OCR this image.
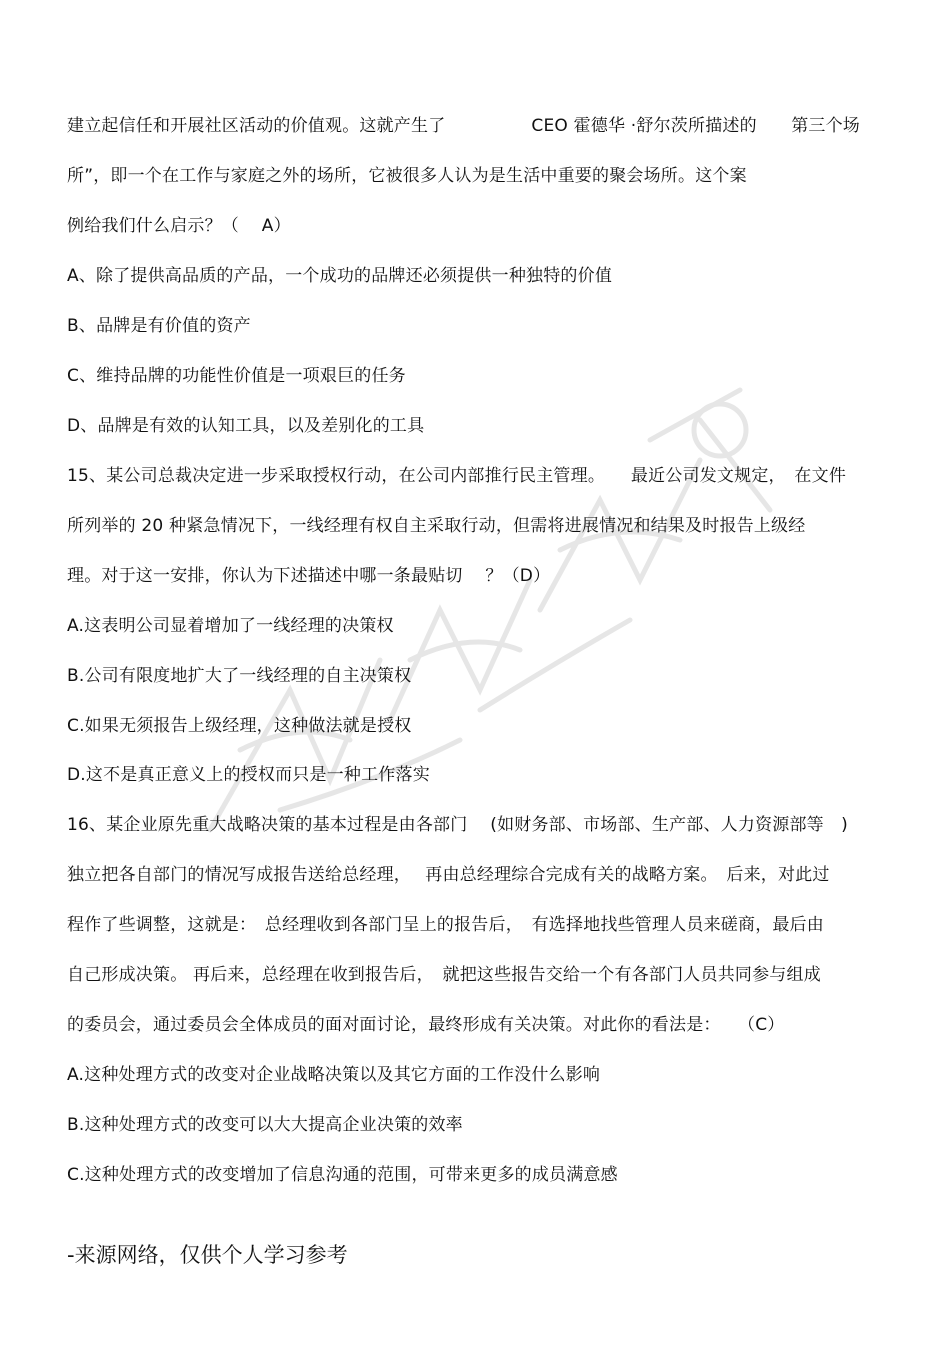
建立起信任和开展社区活动的价值观。这就产生了　　　　　CEO 霍德华 ·舒尔茨所描述的　　第三个场
所”，即一个在工作与家庭之外的场所，它被很多人认为是生活中重要的聚会场所。这个案
例给我们什么启示？（　 A）
A、除了提供高品质的产品，一个成功的品牌还必须提供一种独特的价值
B、品牌是有价值的资产
C、维持品牌的功能性价值是一项艰巨的任务
D、品牌是有效的认知工具，以及差别化的工具
15、某公司总裁决定进一步采取授权行动，在公司内部推行民主管理。　　最近公司发文规定，　在文件
所列举的 20 种紧急情况下，一线经理有权自主采取行动，但需将进展情况和结果及时报告上级经
理。对于这一安排，你认为下述描述中哪一条最贴切　 ？（D）
A.这表明公司显着增加了一线经理的决策权
B.公司有限度地扩大了一线经理的自主决策权
C.如果无须报告上级经理，这种做法就是授权
D.这不是真正意义上的授权而只是一种工作落实
16、某企业原先重大战略决策的基本过程是由各部门　 (如财务部、市场部、生产部、人力资源部等　)
独立把各自部门的情况写成报告送给总经理，　 再由总经理综合完成有关的战略方案。　后来，对此过
程作了些调整，这就是：　总经理收到各部门呈上的报告后，　有选择地找些管理人员来磋商，最后由
自己形成决策。 再后来，总经理在收到报告后，　就把这些报告交给一个有各部门人员共同参与组成
的委员会，通过委员会全体成员的面对面讨论，最终形成有关决策。对此你的看法是：　　（C）
A.这种处理方式的改变对企业战略决策以及其它方面的工作没什么影响
B.这种处理方式的改变可以大大提高企业决策的效率
C.这种处理方式的改变增加了信息沟通的范围，可带来更多的成员满意感
-来源网络，仅供个人学习参考
